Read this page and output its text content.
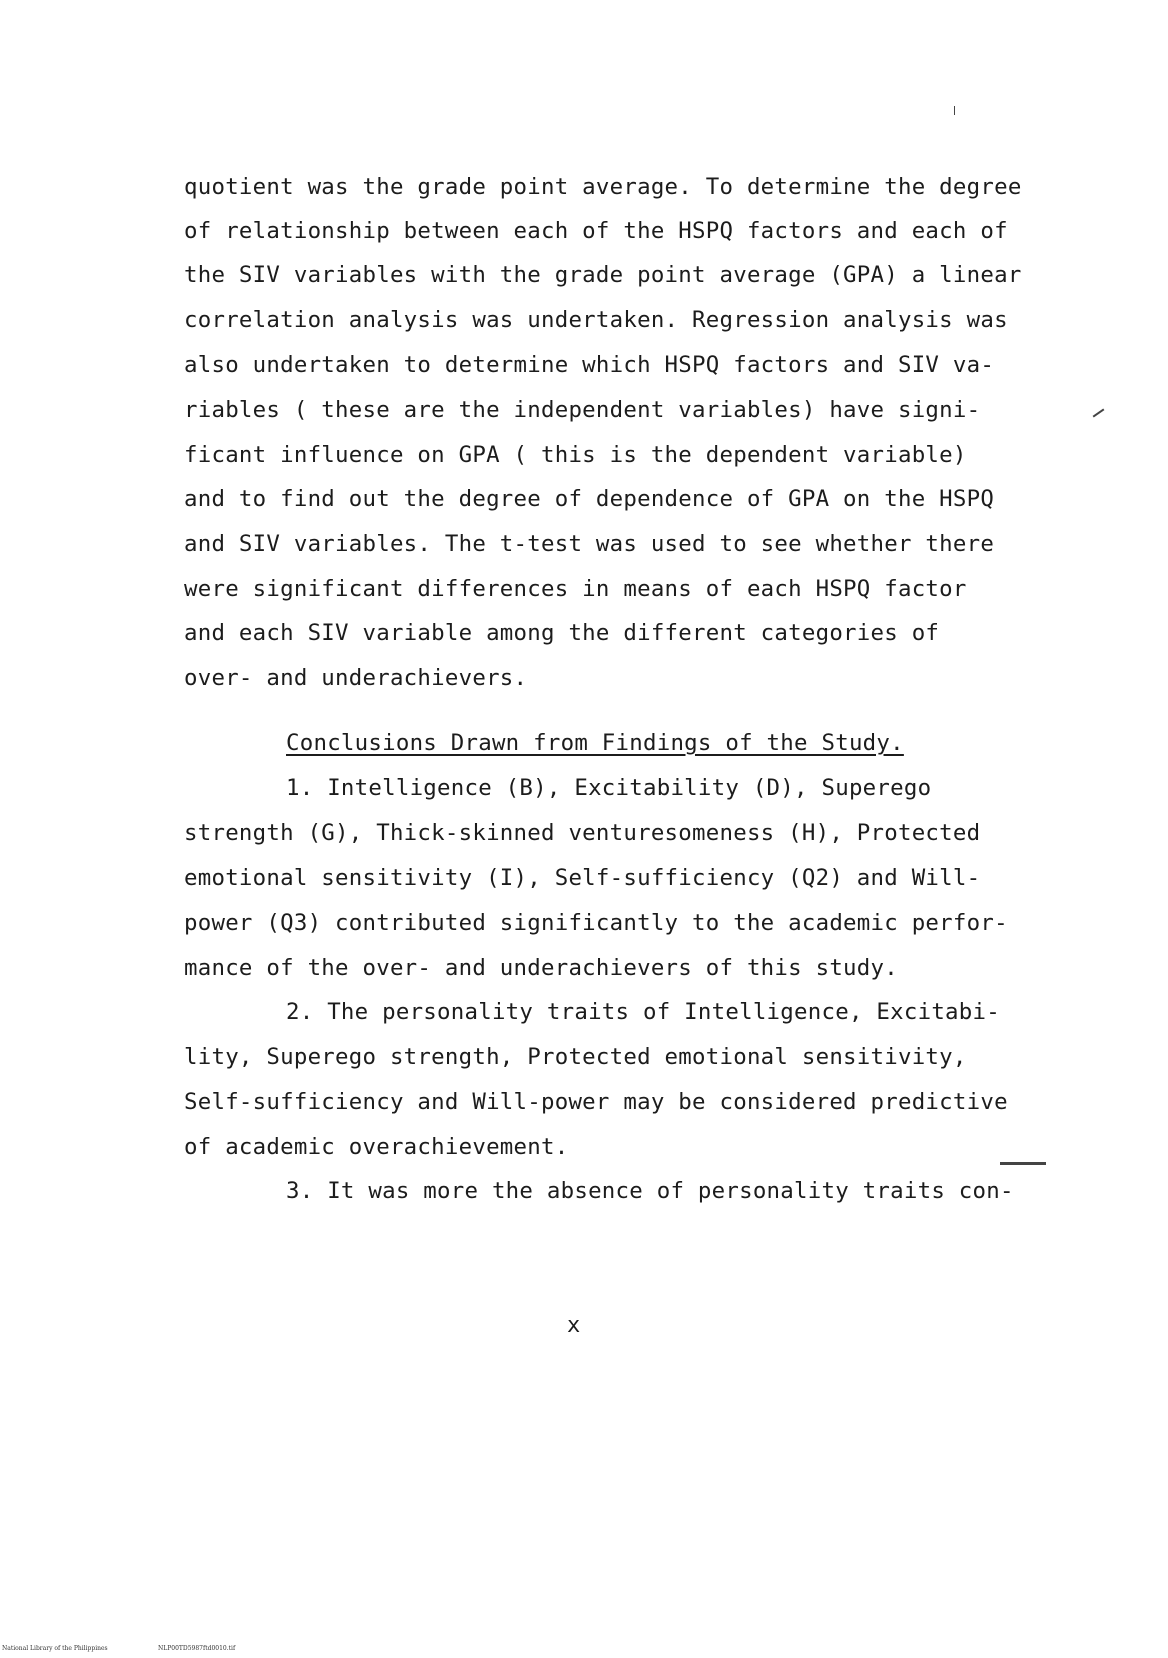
quotient was the grade point average. To determine the degree
of relationship between each of the HSPQ factors and each of
the SIV variables with the grade point average (GPA) a linear
correlation analysis was undertaken. Regression analysis was
also undertaken to determine which HSPQ factors and SIV va-
riables ( these are the independent variables) have signi-
ficant influence on GPA ( this is the dependent variable)
and to find out the degree of dependence of GPA on the HSPQ
and SIV variables. The t-test was used to see whether there
were significant differences in means of each HSPQ factor
and each SIV variable among the different categories of
over- and underachievers.
Conclusions Drawn from Findings of the Study.
1. Intelligence (B), Excitability (D), Superego
strength (G), Thick-skinned venturesomeness (H), Protected
emotional sensitivity (I), Self-sufficiency (Q2) and Will-
power (Q3) contributed significantly to the academic perfor-
mance of the over- and underachievers of this study.
2. The personality traits of Intelligence, Excitabi-
lity, Superego strength, Protected emotional sensitivity,
Self-sufficiency and Will-power may be considered predictive
of academic overachievement.
3. It was more the absence of personality traits con-
x
National Library of the Philippines	NLP00TD5987ftd0010.tif
